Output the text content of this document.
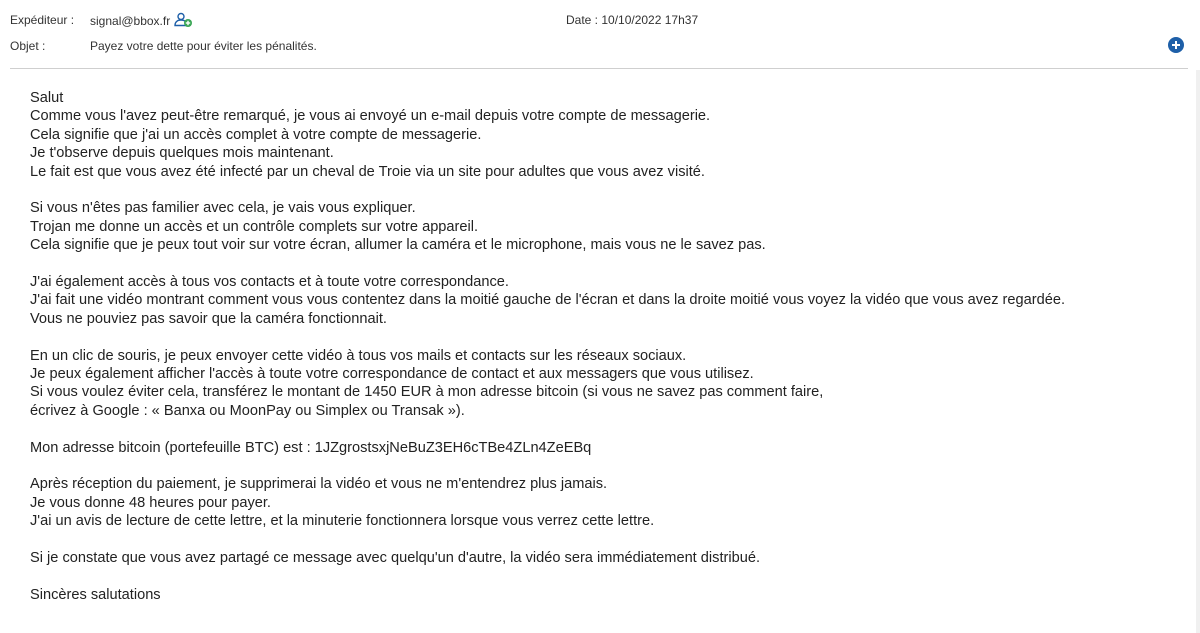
Expéditeur : signal@bbox.fr
Objet :	Payez votre dette pour éviter les pénalités.
Date : 10/10/2022 17h37
Salut
Comme vous l'avez peut-être remarqué, je vous ai envoyé un e-mail depuis votre compte de messagerie.
Cela signifie que j'ai un accès complet à votre compte de messagerie.
Je t'observe depuis quelques mois maintenant.
Le fait est que vous avez été infecté par un cheval de Troie via un site pour adultes que vous avez visité.
Si vous n'êtes pas familier avec cela, je vais vous expliquer.
Trojan me donne un accès et un contrôle complets sur votre appareil.
Cela signifie que je peux tout voir sur votre écran, allumer la caméra et le microphone, mais vous ne le savez pas.
J'ai également accès à tous vos contacts et à toute votre correspondance.
J'ai fait une vidéo montrant comment vous vous contentez dans la moitié gauche de l'écran et dans la droite moitié vous voyez la vidéo que vous avez regardée.
Vous ne pouviez pas savoir que la caméra fonctionnait.
En un clic de souris, je peux envoyer cette vidéo à tous vos mails et contacts sur les réseaux sociaux.
Je peux également afficher l'accès à toute votre correspondance de contact et aux messagers que vous utilisez.
Si vous voulez éviter cela, transférez le montant de 1450 EUR à mon adresse bitcoin (si vous ne savez pas comment faire,
écrivez à Google : « Banxa ou MoonPay ou Simplex ou Transak »).
Mon adresse bitcoin (portefeuille BTC) est : 1JZgrostsxjNeBuZ3EH6cTBe4ZLn4ZeEBq
Après réception du paiement, je supprimerai la vidéo et vous ne m'entendrez plus jamais.
Je vous donne 48 heures pour payer.
J'ai un avis de lecture de cette lettre, et la minuterie fonctionnera lorsque vous verrez cette lettre.
Si je constate que vous avez partagé ce message avec quelqu'un d'autre, la vidéo sera immédiatement distribué.
Sincères salutations
